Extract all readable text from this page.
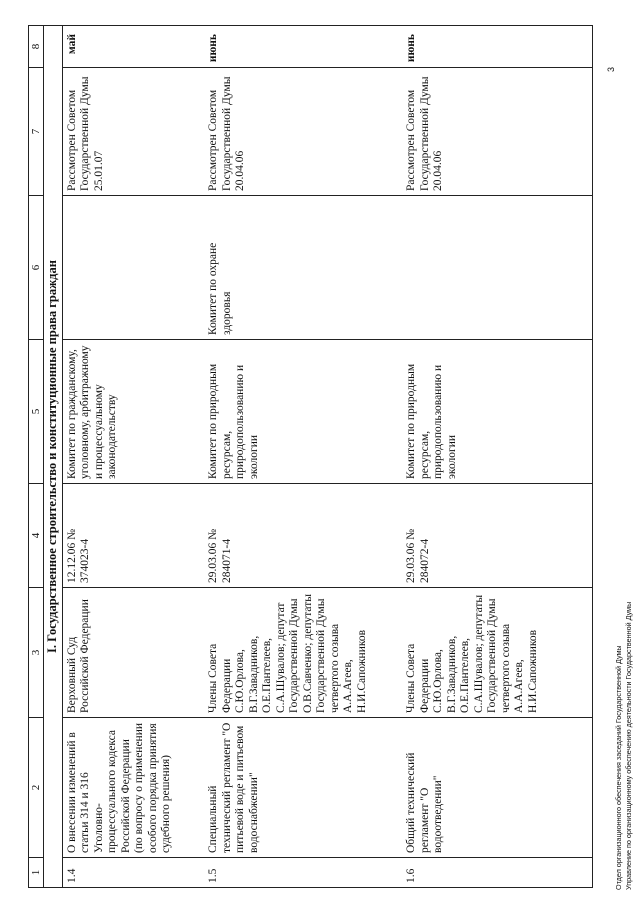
1	2	3	4	5	6	7	8
I. Государственное строительство и конституционные права граждан							
1.4	О внесении изменений в статьи 314 и 316 Уголовно-процессуального кодекса Российской Федерации (по вопросу о применении особого порядка принятия судебного решения)	Верховный Суд Российской Федерации	12.12.06 № 374023-4	Комитет по гражданскому, уголовному, арбитражному и процессуальному законодательству		Рассмотрен Советом Государственной Думы 25.01.07	май
1.5	Специальный технический регламент "О питьевой воде и питьевом водоснабжении"	Члены Совета Федерации С.Ю.Орлова, В.Г.Завадников, О.Е.Пантелеев, С.А.Шувалов; депутат Государственной Думы О.В.Савченко; депутаты Государственной Думы четвертого созыва А.А.Агеев, Н.И.Сапожников	29.03.06 № 284071-4	Комитет по природным ресурсам, природопользованию и экологии	Комитет по охране здоровья	Рассмотрен Советом Государственной Думы 20.04.06	июнь
1.6	Общий технический регламент "О водоотведении"	Члены Совета Федерации С.Ю.Орлова, В.Г.Завадников, О.Е.Пантелеев, С.А.Шувалов; депутаты Государственной Думы четвертого созыва А.А.Агеев, Н.И.Сапожников	29.03.06 № 284072-4	Комитет по природным ресурсам, природопользованию и экологии		Рассмотрен Советом Государственной Думы 20.04.06	июнь
Отдел организационного обеспечения заседаний Государственной Думы Управление по организационному обеспечению деятельности Государственной Думы
3
